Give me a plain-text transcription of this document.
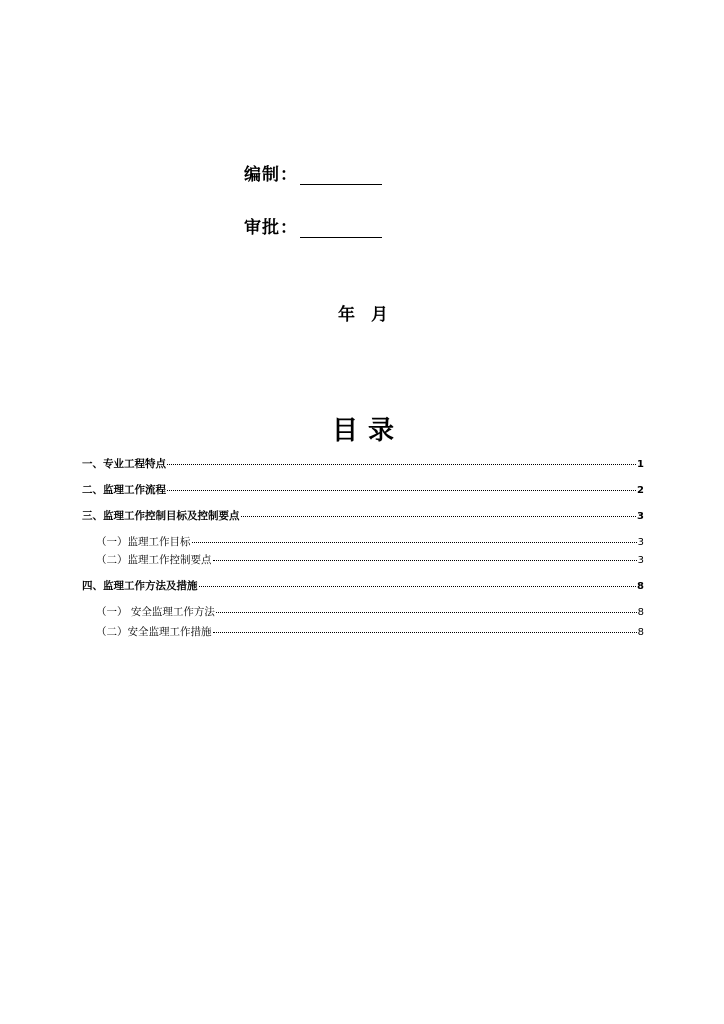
编制：
审批：
年 月
目录
一、专业工程特点	1
二、监理工作流程	2
三、监理工作控制目标及控制要点	3
（一）监理工作目标	3
（二）监理工作控制要点	3
四、监理工作方法及措施	8
（一） 安全监理工作方法	8
（二）安全监理工作措施	8
